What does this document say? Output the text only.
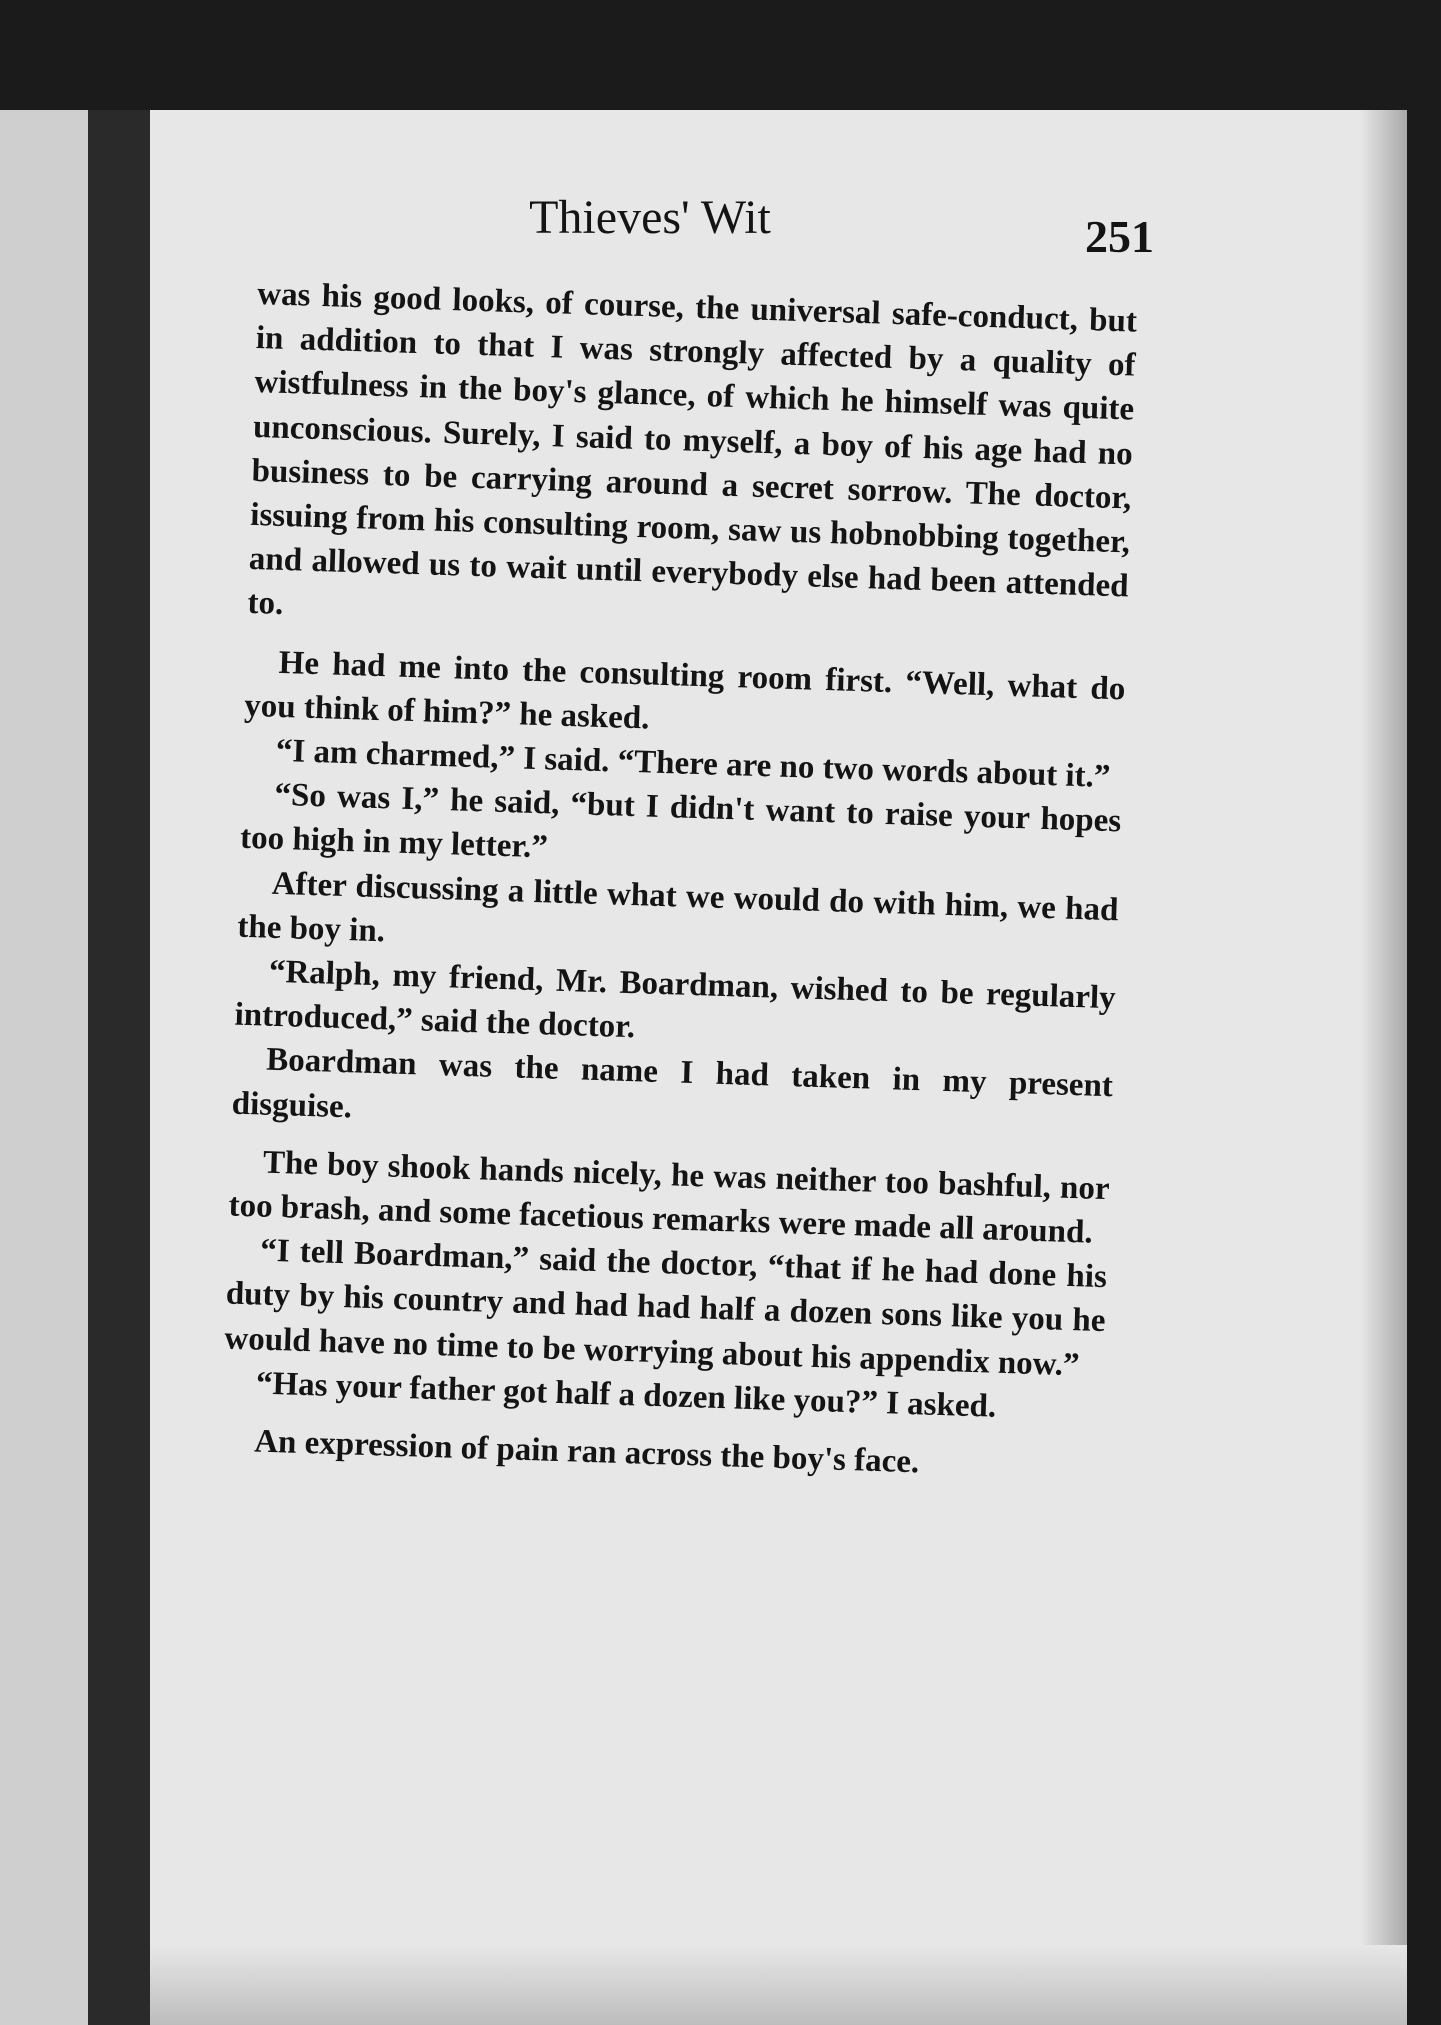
Thieves' Wit	251

was his good looks, of course, the universal safe-conduct, but in addition to that I was strongly affected by a quality of wistfulness in the boy's glance, of which he himself was quite unconscious. Surely, I said to myself, a boy of his age had no business to be carrying around a secret sorrow. The doctor, issuing from his consulting room, saw us hobnobbing together, and allowed us to wait until everybody else had been attended to.

He had me into the consulting room first. “Well, what do you think of him?” he asked.

“I am charmed,” I said. “There are no two words about it.”

“So was I,” he said, “but I didn't want to raise your hopes too high in my letter.”

After discussing a little what we would do with him, we had the boy in.

“Ralph, my friend, Mr. Boardman, wished to be regularly introduced,” said the doctor.

Boardman was the name I had taken in my present disguise.

The boy shook hands nicely, he was neither too bashful, nor too brash, and some facetious remarks were made all around.

“I tell Boardman,” said the doctor, “that if he had done his duty by his country and had had half a dozen sons like you he would have no time to be worrying about his appendix now.”

“Has your father got half a dozen like you?” I asked.

An expression of pain ran across the boy's face.
